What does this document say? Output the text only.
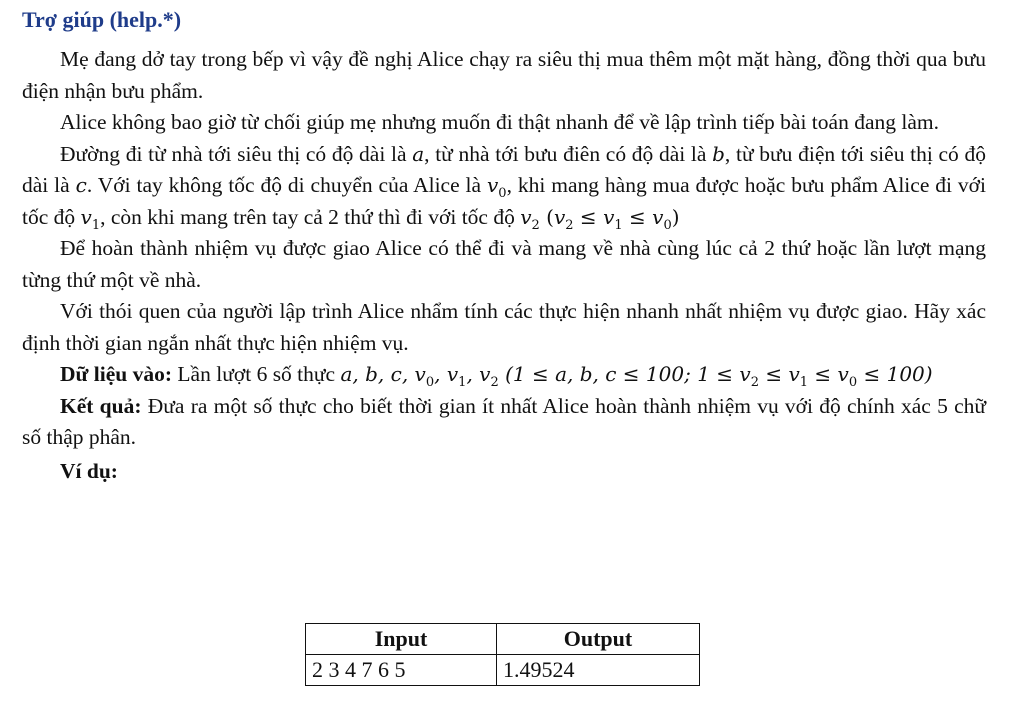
Trợ giúp (help.*)

Mẹ đang dở tay trong bếp vì vậy đề nghị Alice chạy ra siêu thị mua thêm một mặt hàng, đồng thời qua bưu điện nhận bưu phẩm.

Alice không bao giờ từ chối giúp mẹ nhưng muốn đi thật nhanh để về lập trình tiếp bài toán đang làm.

Đường đi từ nhà tới siêu thị có độ dài là a, từ nhà tới bưu điên có độ dài là b, từ bưu điện tới siêu thị có độ dài là c. Với tay không tốc độ di chuyển của Alice là $v_0$, khi mang hàng mua được hoặc bưu phẩm Alice đi với tốc độ $v_1$, còn khi mang trên tay cả 2 thứ thì đi với tốc độ $v_2$ $(v_2 \le v_1 \le v_0)$

Để hoàn thành nhiệm vụ được giao Alice có thể đi và mang về nhà cùng lúc cả 2 thứ hoặc lần lượt mạng từng thứ một về nhà.

Với thói quen của người lập trình Alice nhẩm tính các thực hiện nhanh nhất nhiệm vụ được giao. Hãy xác định thời gian ngắn nhất thực hiện nhiệm vụ.

Dữ liệu vào: Lần lượt 6 số thực a, b, c, $v_0$, $v_1$, $v_2$ (1 ≤ a, b, c ≤ 100; $1 \le v_2 \le v_1 \le v_0 \le 100$)

Kết quả: Đưa ra một số thực cho biết thời gian ít nhất Alice hoàn thành nhiệm vụ với độ chính xác 5 chữ số thập phân.

Ví dụ:
Input	Output
2 3 4 7 6 5	1.49524
